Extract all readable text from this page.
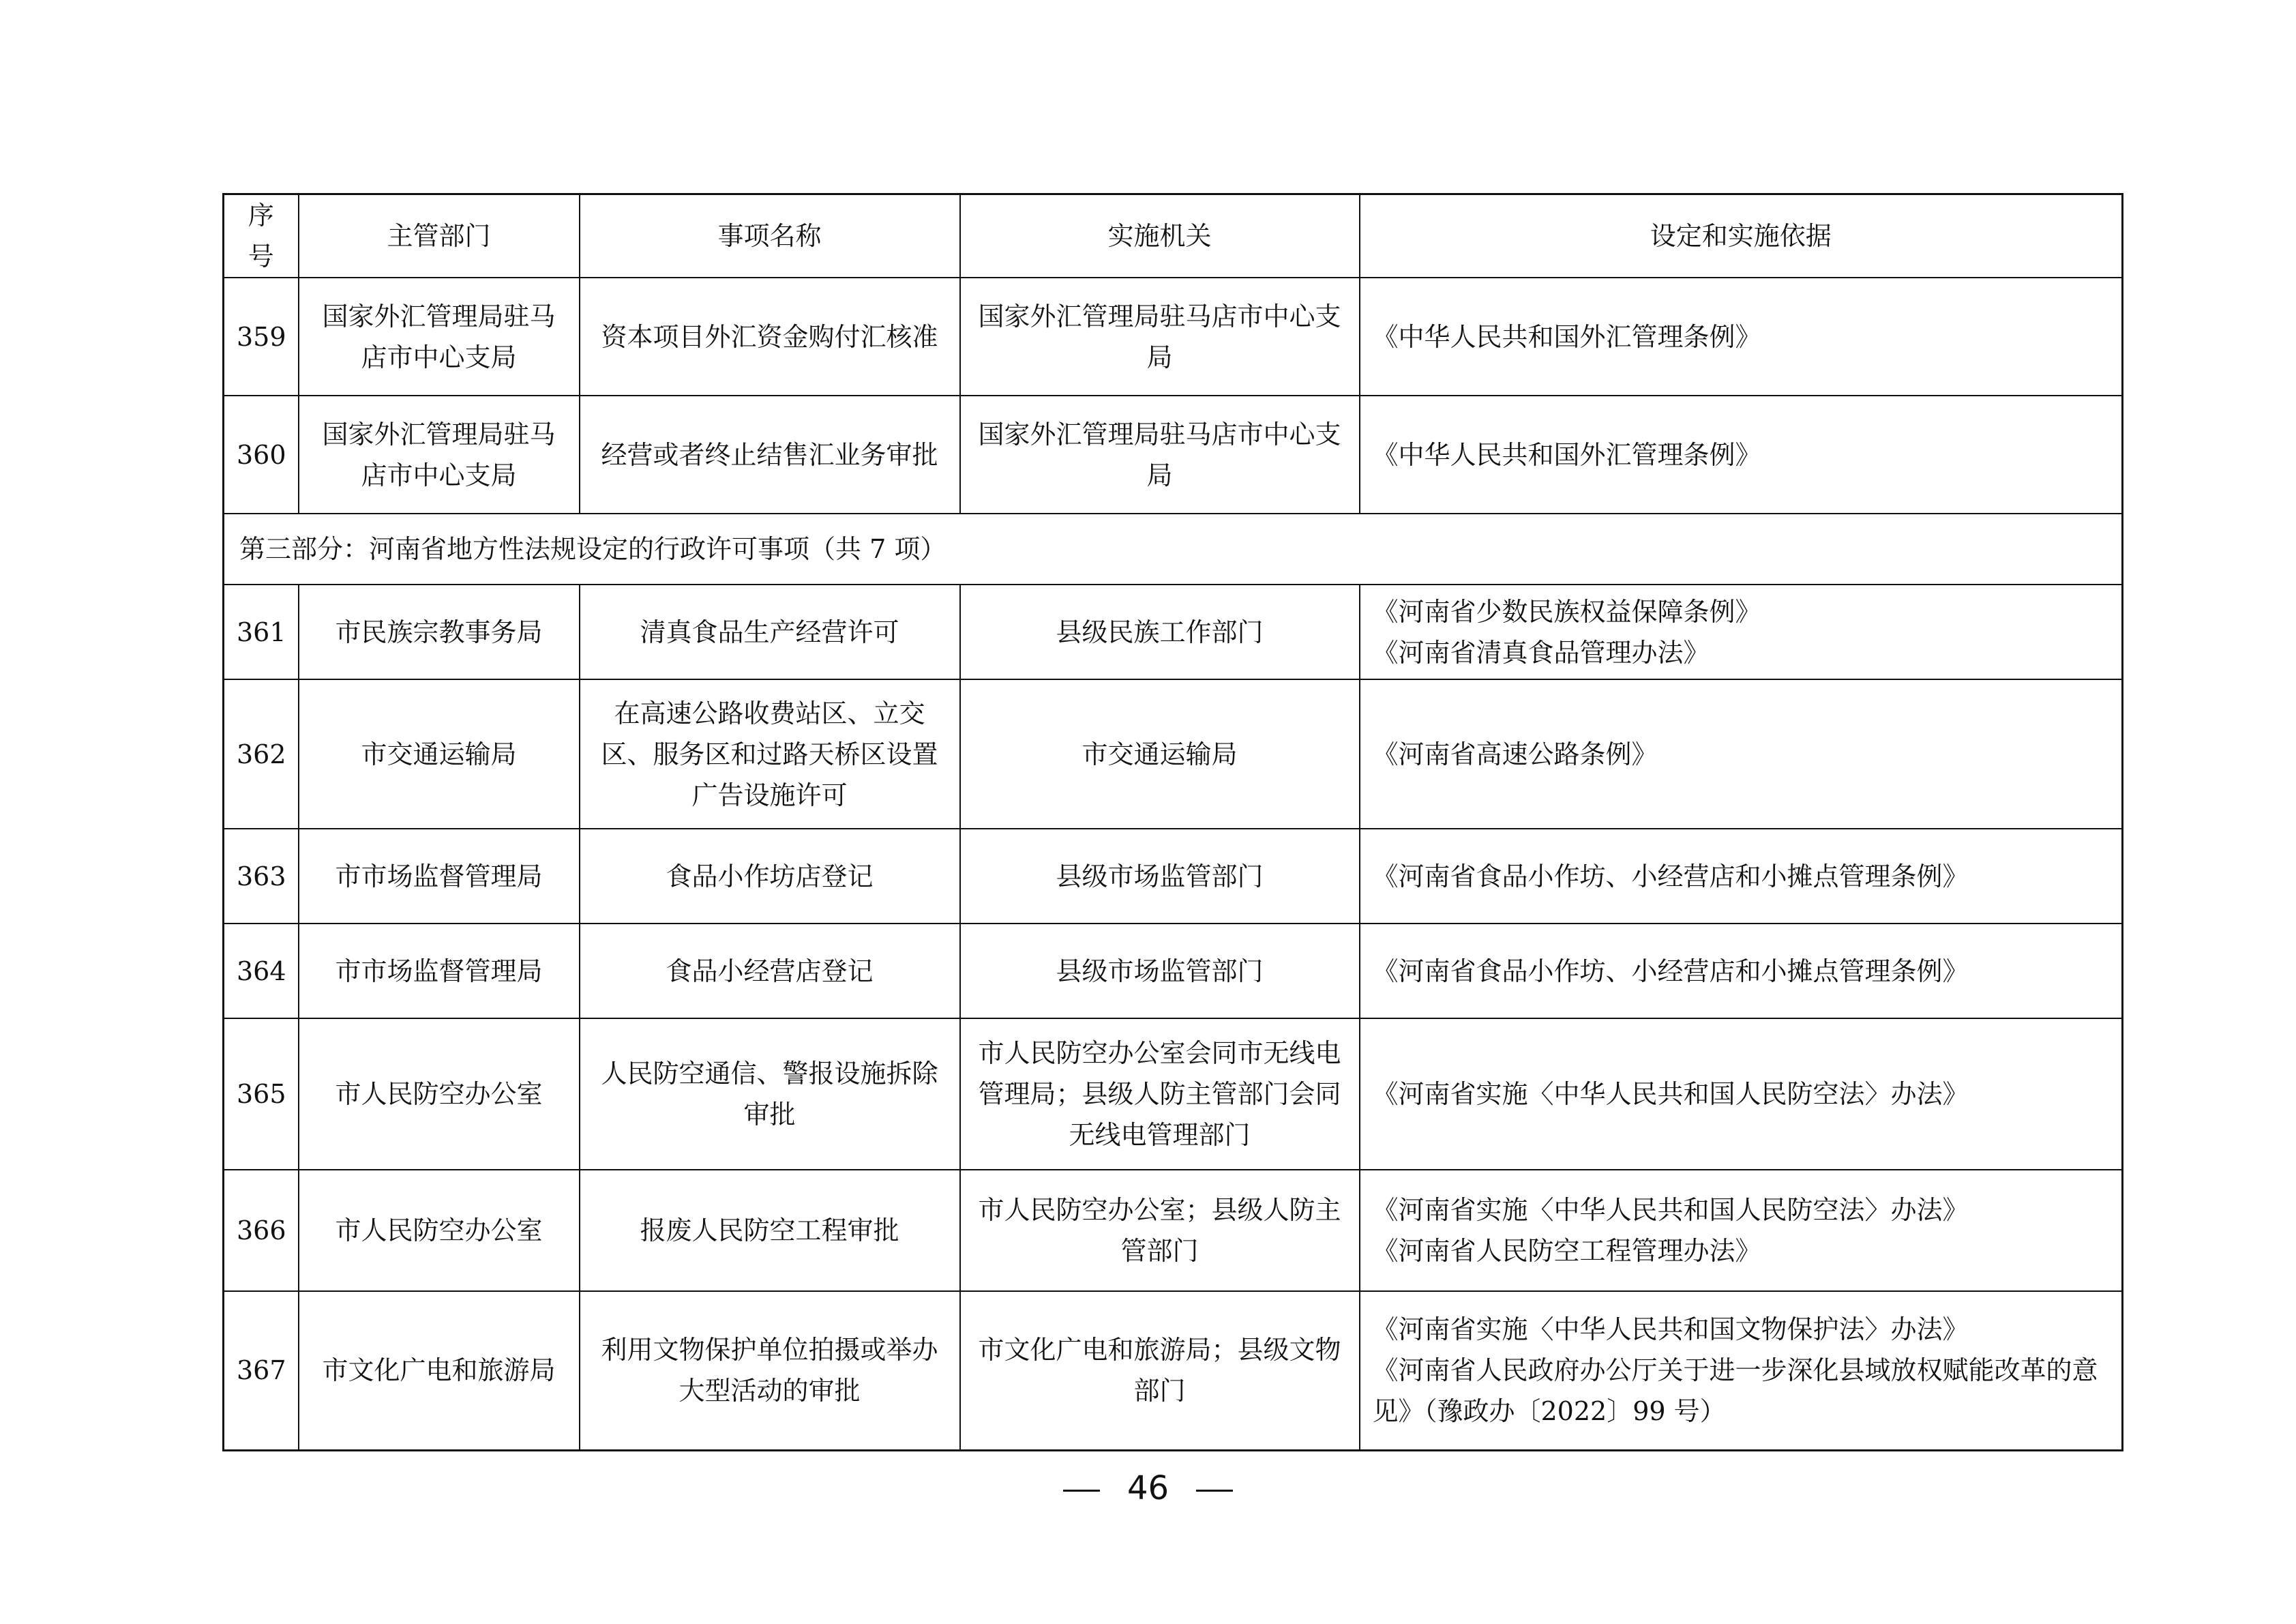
序号	主管部门	事项名称	实施机关	设定和实施依据
359	国家外汇管理局驻马店市中心支局	资本项目外汇资金购付汇核准	国家外汇管理局驻马店市中心支局	《中华人民共和国外汇管理条例》

360	国家外汇管理局驻马店市中心支局	经营或者终止结售汇业务审批	国家外汇管理局驻马店市中心支局	《中华人民共和国外汇管理条例》

第三部分：河南省地方性法规设定的行政许可事项（共 7 项）				
361	市民族宗教事务局	清真食品生产经营许可	县级民族工作部门	《河南省少数民族权益保障条例》
《河南省清真食品管理办法》

362	市交通运输局	在高速公路收费站区、立交区、服务区和过路天桥区设置广告设施许可	市交通运输局	《河南省高速公路条例》

363	市市场监督管理局	食品小作坊店登记	县级市场监管部门	《河南省食品小作坊、小经营店和小摊点管理条例》

364	市市场监督管理局	食品小经营店登记	县级市场监管部门	《河南省食品小作坊、小经营店和小摊点管理条例》

365	市人民防空办公室	人民防空通信、警报设施拆除审批	市人民防空办公室会同市无线电管理局；县级人防主管部门会同无线电管理部门	《河南省实施〈中华人民共和国人民防空法〉办法》

366	市人民防空办公室	报废人民防空工程审批	市人民防空办公室；县级人防主管部门	《河南省实施〈中华人民共和国人民防空法〉办法》
《河南省人民防空工程管理办法》

367	市文化广电和旅游局	利用文物保护单位拍摄或举办大型活动的审批	市文化广电和旅游局；县级文物部门	《河南省实施〈中华人民共和国文物保护法〉办法》
《河南省人民政府办公厅关于进一步深化县域放权赋能改革的意见》（豫政办〔2022〕99 号）
46
